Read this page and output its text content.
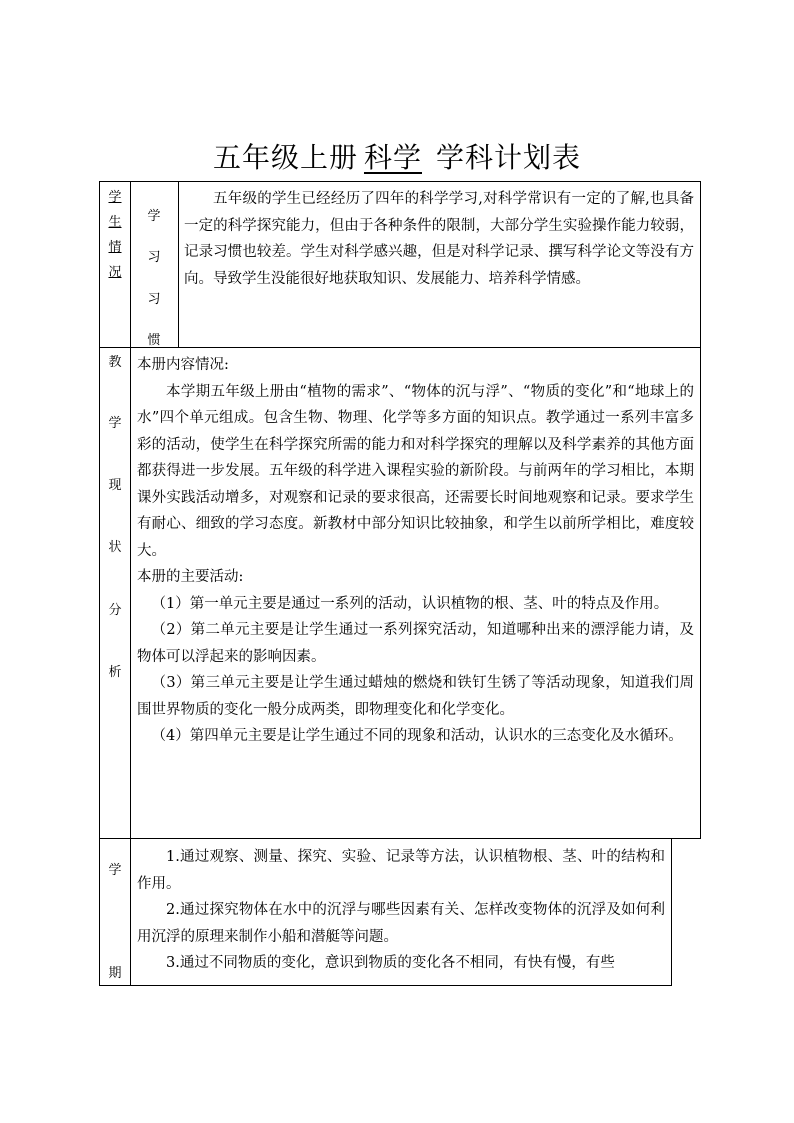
五年级上册 科学 学科计划表
学
生
情
况
学
习
习
惯

五年级的学生已经经历了四年的科学学习,对科学常识有一定的了解,也具备一定的科学探究能力，但由于各种条件的限制，大部分学生实验操作能力较弱，记录习惯也较差。学生对科学感兴趣，但是对科学记录、撰写科学论文等没有方向。导致学生没能很好地获取知识、发展能力、培养科学情感。

教
学
现
状
分
析

本册内容情况:

本学期五年级上册由“植物的需求”、“物体的沉与浮”、“物质的变化”和“地球上的水”四个单元组成。包含生物、物理、化学等多方面的知识点。教学通过一系列丰富多彩的活动，使学生在科学探究所需的能力和对科学探究的理解以及科学素养的其他方面都获得进一步发展。五年级的科学进入课程实验的新阶段。与前两年的学习相比，本期课外实践活动增多，对观察和记录的要求很高，还需要长时间地观察和记录。要求学生有耐心、细致的学习态度。新教材中部分知识比较抽象，和学生以前所学相比，难度较大。

本册的主要活动:

（1）第一单元主要是通过一系列的活动，认识植物的根、茎、叶的特点及作用。

（2）第二单元主要是让学生通过一系列探究活动，知道哪种出来的漂浮能力请，及物体可以浮起来的影响因素。

（3）第三单元主要是让学生通过蜡烛的燃烧和铁钉生锈了等活动现象，知道我们周围世界物质的变化一般分成两类，即物理变化和化学变化。

（4）第四单元主要是让学生通过不同的现象和活动，认识水的三态变化及水循环。

学
期

1.通过观察、测量、探究、实验、记录等方法，认识植物根、茎、叶的结构和作用。

2.通过探究物体在水中的沉浮与哪些因素有关、怎样改变物体的沉浮及如何利用沉浮的原理来制作小船和潜艇等问题。

3.通过不同物质的变化，意识到物质的变化各不相同，有快有慢，有些
